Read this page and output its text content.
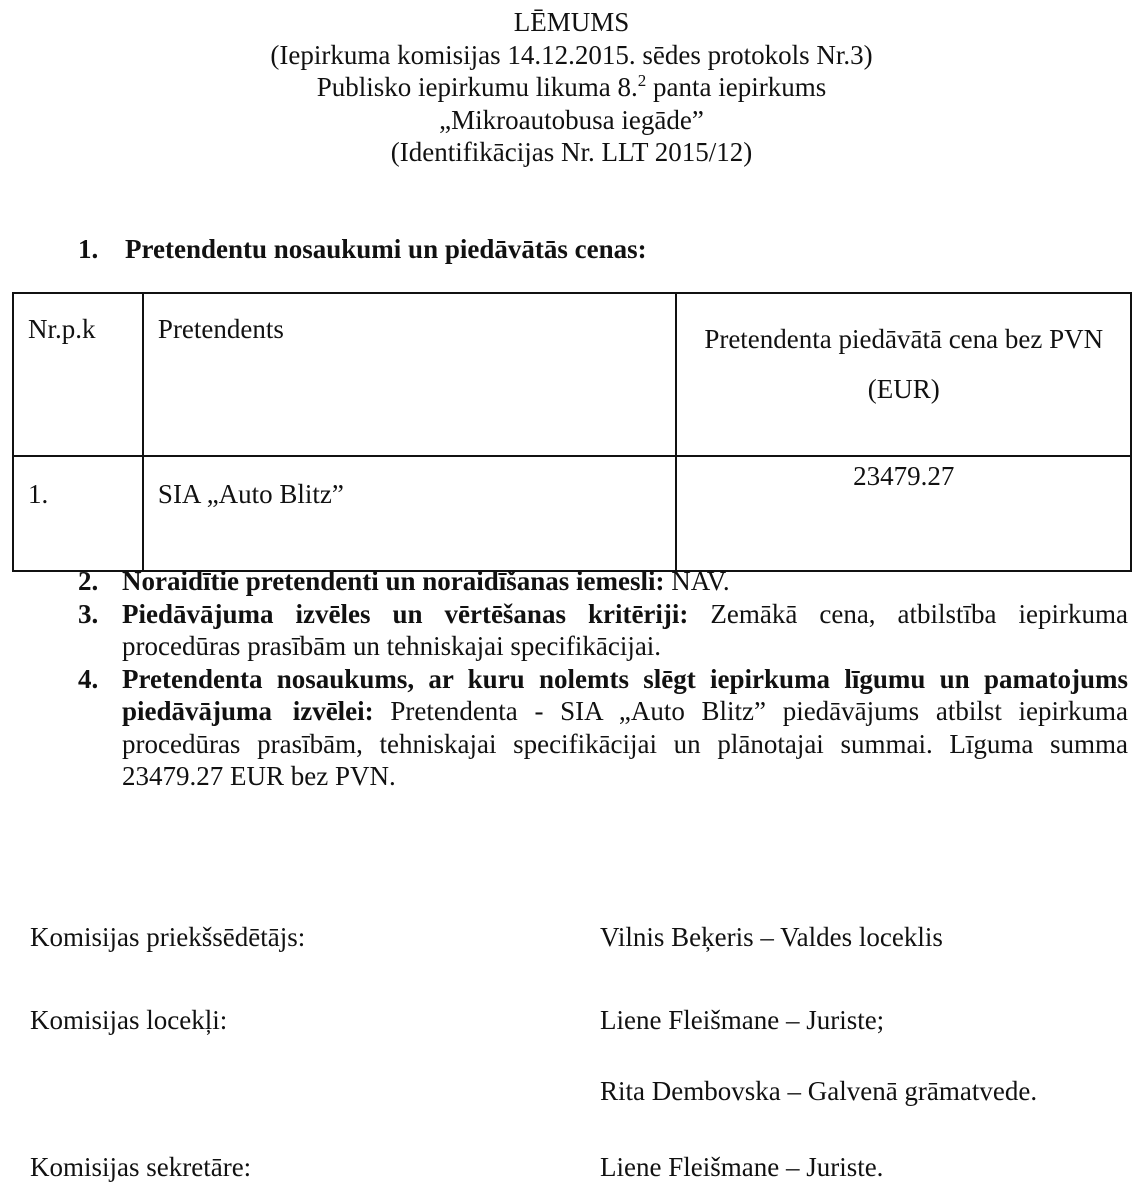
LĒMUMS
(Iepirkuma komisijas 14.12.2015. sēdes protokols Nr.3)
Publisko iepirkumu likuma 8.$^2$ panta iepirkums
„Mikroautobusa iegāde”
(Identifikācijas Nr. LLT 2015/12)
1. Pretendentu nosaukumi un piedāvātās cenas:
Nr.p.k	Pretendents	Pretendenta piedāvātā cena bez PVN (EUR)
1.	SIA „Auto Blitz”	23479.27
2. Noraidītie pretendenti un noraidīšanas iemesli: NAV.
3. Piedāvājuma izvēles un vērtēšanas kritēriji: Zemākā cena, atbilstība iepirkuma procedūras prasībām un tehniskajai specifikācijai.
4. Pretendenta nosaukums, ar kuru nolemts slēgt iepirkuma līgumu un pamatojums piedāvājuma izvēlei: Pretendenta - SIA „Auto Blitz” piedāvājums atbilst iepirkuma procedūras prasībām, tehniskajai specifikācijai un plānotajai summai. Līguma summa 23479.27 EUR bez PVN.
Komisijas priekšsēdētājs:	Vilnis Beķeris – Valdes loceklis
Komisijas locekļi:	Liene Fleišmane – Juriste;
Rita Dembovska – Galvenā grāmatvede.
Komisijas sekretāre:	Liene Fleišmane – Juriste.
